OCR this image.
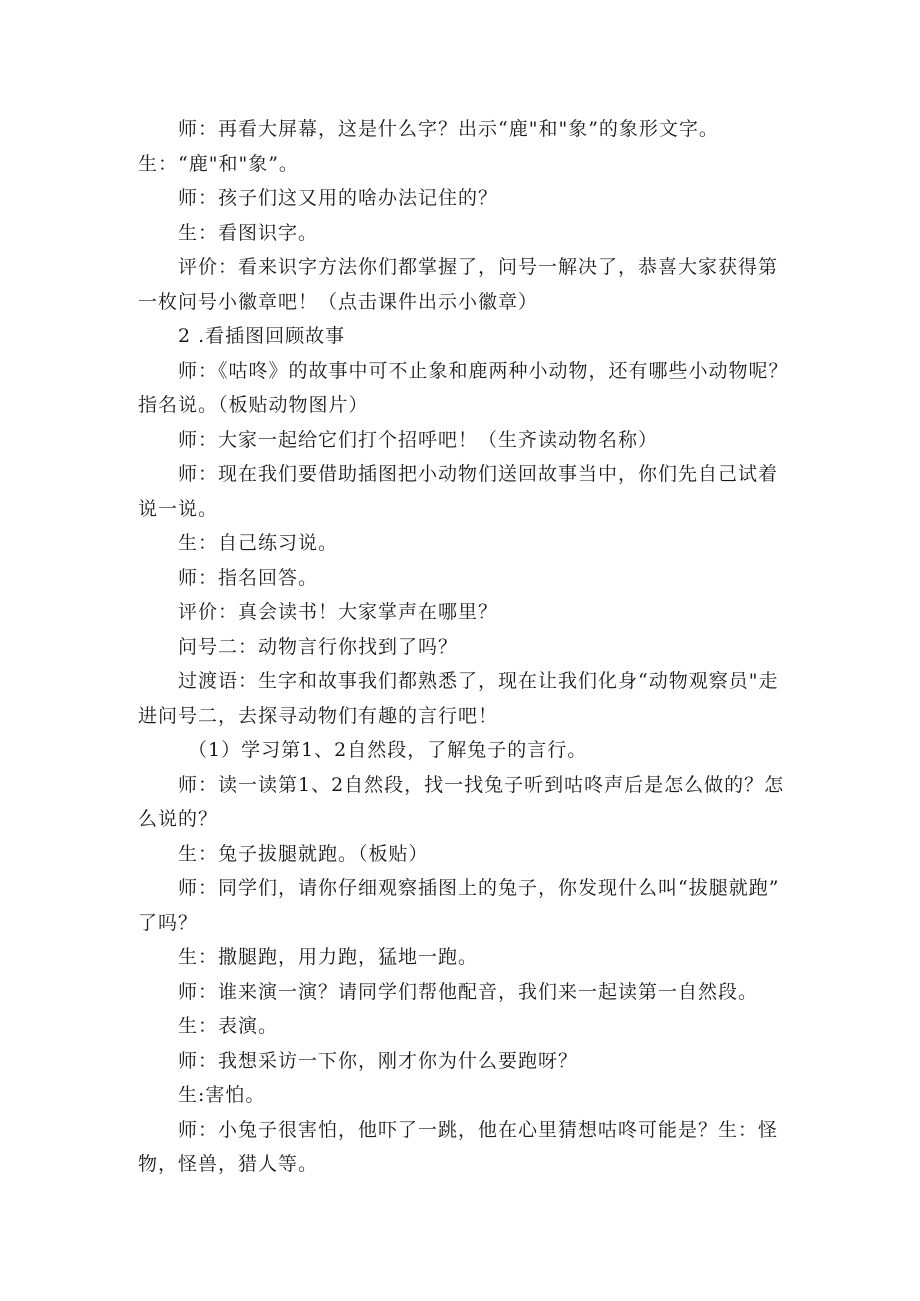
师：再看大屏幕，这是什么字？出示“鹿"和"象”的象形文字。
生：“鹿"和"象”。
师：孩子们这又用的啥办法记住的？
生：看图识字。
评价：看来识字方法你们都掌握了，问号一解决了，恭喜大家获得第
一枚问号小徽章吧！（点击课件出示小徽章）
2 .看插图回顾故事
师：《咕咚》的故事中可不止象和鹿两种小动物，还有哪些小动物呢？
指名说。（板贴动物图片）
师：大家一起给它们打个招呼吧！（生齐读动物名称）
师：现在我们要借助插图把小动物们送回故事当中，你们先自己试着
说一说。
生：自己练习说。
师：指名回答。
评价：真会读书！大家掌声在哪里？
问号二：动物言行你找到了吗？
过渡语：生字和故事我们都熟悉了，现在让我们化身“动物观察员"走
进问号二，去探寻动物们有趣的言行吧！
（1）学习第1、2自然段，了解兔子的言行。
师：读一读第1、2自然段，找一找兔子听到咕咚声后是怎么做的？怎
么说的？
生：兔子拔腿就跑。（板贴）
师：同学们，请你仔细观察插图上的兔子，你发现什么叫“拔腿就跑”
了吗？
生：撒腿跑，用力跑，猛地一跑。
师：谁来演一演？请同学们帮他配音，我们来一起读第一自然段。
生：表演。
师：我想采访一下你，刚才你为什么要跑呀？
生:害怕。
师：小兔子很害怕，他吓了一跳，他在心里猜想咕咚可能是？生：怪
物，怪兽，猎人等。
